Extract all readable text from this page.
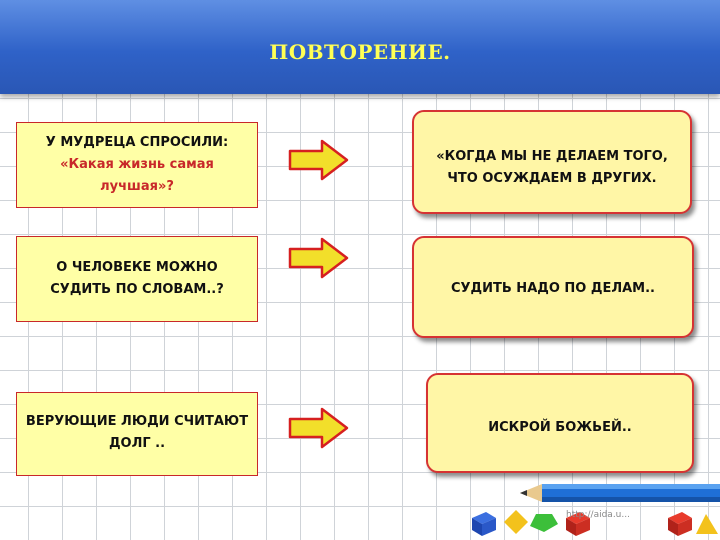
ПОВТОРЕНИЕ.
У МУДРЕЦА СПРОСИЛИ:
«Какая жизнь самая
лучшая»?
О ЧЕЛОВЕКЕ МОЖНО
СУДИТЬ ПО СЛОВАМ..?
ВЕРУЮЩИЕ ЛЮДИ СЧИТАЮТ
ДОЛГ ..
«КОГДА МЫ НЕ ДЕЛАЕМ ТОГО,
ЧТО ОСУЖДАЕМ В ДРУГИХ.
СУДИТЬ НАДО ПО ДЕЛАМ..
ИСКРОЙ БОЖЬЕЙ..
http://aida.u...
